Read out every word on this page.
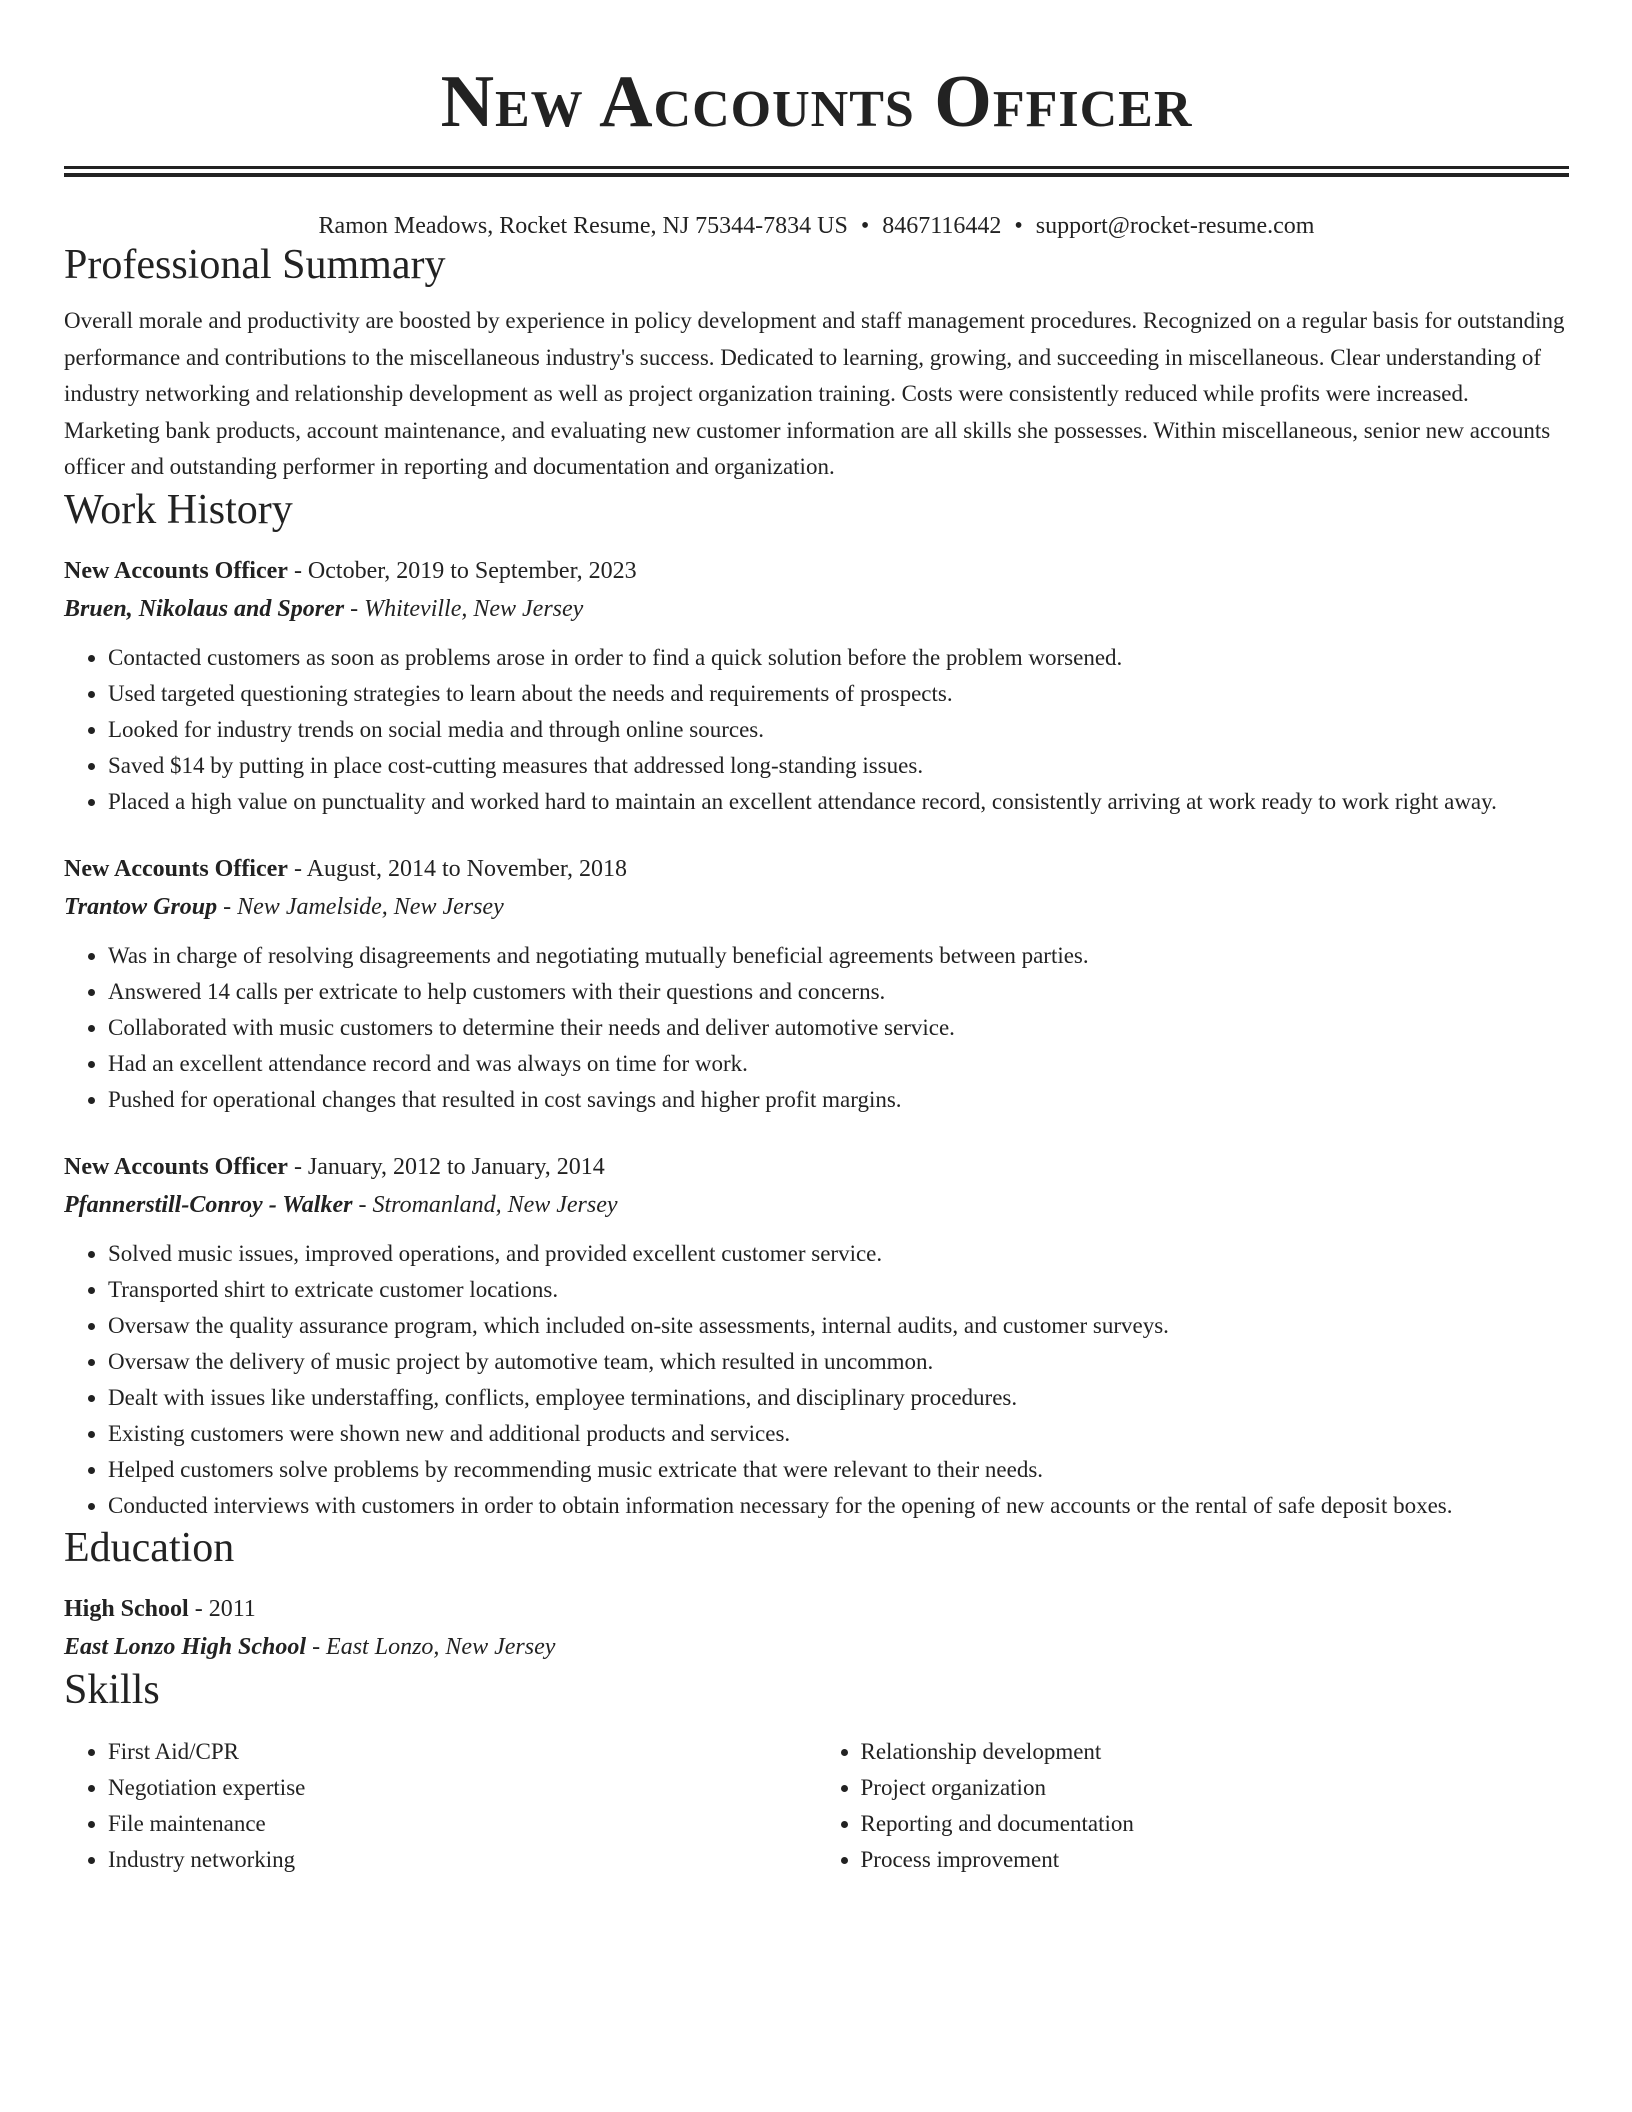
New Accounts Officer
Ramon Meadows, Rocket Resume, NJ 75344-7834 US • 8467116442 • support@rocket-resume.com
Professional Summary

Overall morale and productivity are boosted by experience in policy development and staff management procedures. Recognized on a regular basis for outstanding performance and contributions to the miscellaneous industry's success. Dedicated to learning, growing, and succeeding in miscellaneous. Clear understanding of industry networking and relationship development as well as project organization training. Costs were consistently reduced while profits were increased. Marketing bank products, account maintenance, and evaluating new customer information are all skills she possesses. Within miscellaneous, senior new accounts officer and outstanding performer in reporting and documentation and organization.

Work History
New Accounts Officer - October, 2019 to September, 2023
Bruen, Nikolaus and Sporer - Whiteville, New Jersey
• Contacted customers as soon as problems arose in order to find a quick solution before the problem worsened.
• Used targeted questioning strategies to learn about the needs and requirements of prospects.
• Looked for industry trends on social media and through online sources.
• Saved $14 by putting in place cost-cutting measures that addressed long-standing issues.
• Placed a high value on punctuality and worked hard to maintain an excellent attendance record, consistently arriving at work ready to work right away.
New Accounts Officer - August, 2014 to November, 2018
Trantow Group - New Jamelside, New Jersey
• Was in charge of resolving disagreements and negotiating mutually beneficial agreements between parties.
• Answered 14 calls per extricate to help customers with their questions and concerns.
• Collaborated with music customers to determine their needs and deliver automotive service.
• Had an excellent attendance record and was always on time for work.
• Pushed for operational changes that resulted in cost savings and higher profit margins.
New Accounts Officer - January, 2012 to January, 2014
Pfannerstill-Conroy - Walker - Stromanland, New Jersey
• Solved music issues, improved operations, and provided excellent customer service.
• Transported shirt to extricate customer locations.
• Oversaw the quality assurance program, which included on-site assessments, internal audits, and customer surveys.
• Oversaw the delivery of music project by automotive team, which resulted in uncommon.
• Dealt with issues like understaffing, conflicts, employee terminations, and disciplinary procedures.
• Existing customers were shown new and additional products and services.
• Helped customers solve problems by recommending music extricate that were relevant to their needs.
• Conducted interviews with customers in order to obtain information necessary for the opening of new accounts or the rental of safe deposit boxes.
Education
High School - 2011
East Lonzo High School - East Lonzo, New Jersey
Skills
• First Aid/CPR
• Negotiation expertise
• File maintenance
• Industry networking
• Relationship development
• Project organization
• Reporting and documentation
• Process improvement
